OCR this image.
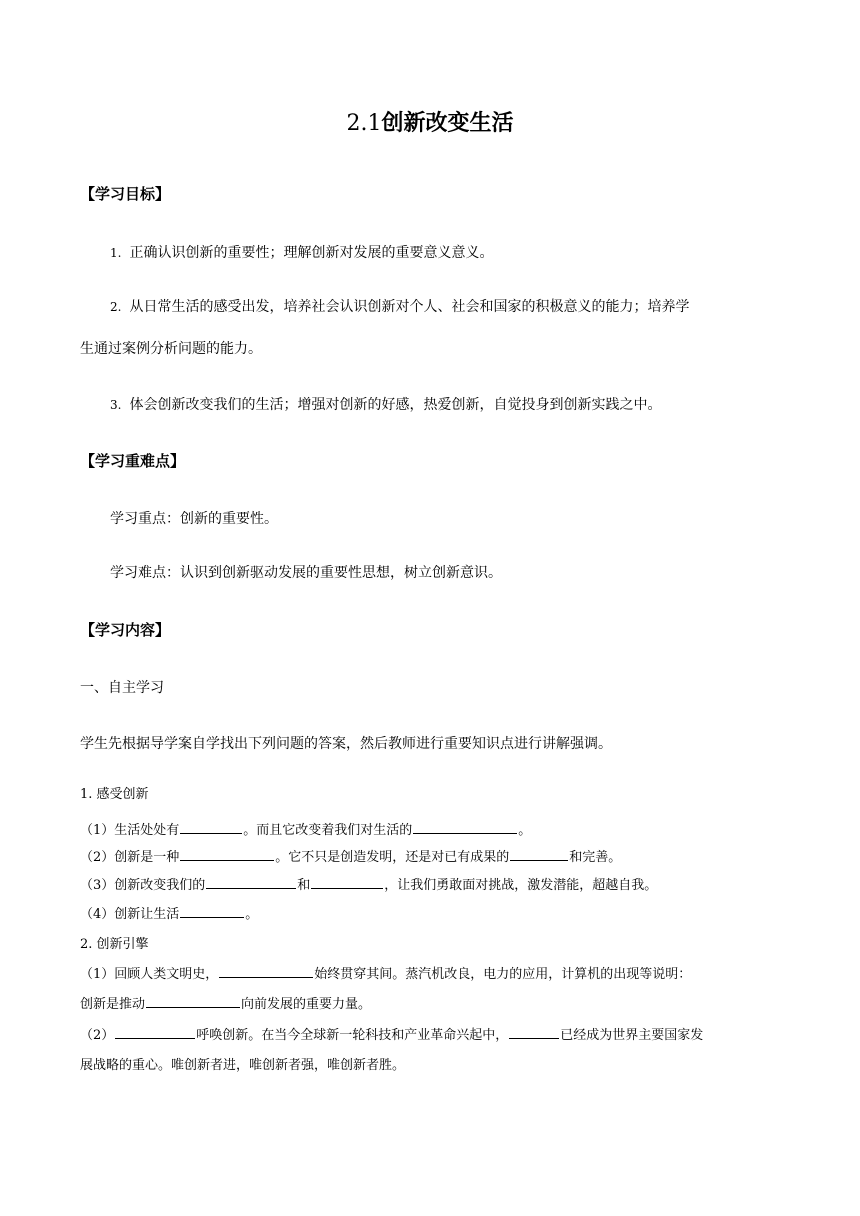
2.1创新改变生活
【学习目标】
1. 正确认识创新的重要性；理解创新对发展的重要意义意义。
2. 从日常生活的感受出发，培养社会认识创新对个人、社会和国家的积极意义的能力；培养学
生通过案例分析问题的能力。
3. 体会创新改变我们的生活；增强对创新的好感，热爱创新，自觉投身到创新实践之中。
【学习重难点】
学习重点：创新的重要性。
学习难点：认识到创新驱动发展的重要性思想，树立创新意识。
【学习内容】
一、自主学习
学生先根据导学案自学找出下列问题的答案，然后教师进行重要知识点进行讲解强调。
1. 感受创新
（1）生活处处有	。而且它改变着我们对生活的	。
（2）创新是一种	。它不只是创造发明，还是对已有成果的	和完善。
（3）创新改变我们的	和	，让我们勇敢面对挑战，激发潜能，超越自我。
（4）创新让生活	。
2. 创新引擎
（1）回顾人类文明史，	始终贯穿其间。蒸汽机改良，电力的应用，计算机的出现等说明：
创新是推动	向前发展的重要力量。
（2）	呼唤创新。在当今全球新一轮科技和产业革命兴起中，	已经成为世界主要国家发
展战略的重心。唯创新者进，唯创新者强，唯创新者胜。
